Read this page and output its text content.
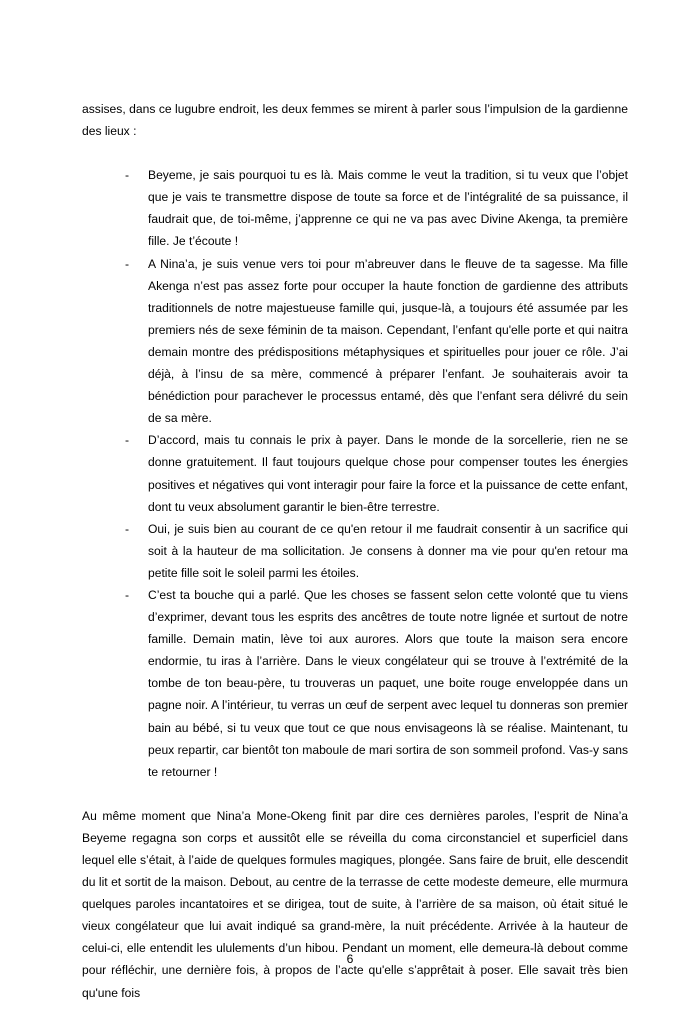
assises, dans ce lugubre endroit, les deux femmes se mirent à parler sous l’impulsion de la gardienne des lieux :

- Beyeme, je sais pourquoi tu es là. Mais comme le veut la tradition, si tu veux que l’objet que je vais te transmettre dispose de toute sa force et de l’intégralité de sa puissance, il faudrait que, de toi-même, j’apprenne ce qui ne va pas avec Divine Akenga, ta première fille. Je t’écoute !
- A Nina’a, je suis venue vers toi pour m’abreuver dans le fleuve de ta sagesse. Ma fille Akenga n’est pas assez forte pour occuper la haute fonction de gardienne des attributs traditionnels de notre majestueuse famille qui, jusque-là, a toujours été assumée par les premiers nés de sexe féminin de ta maison. Cependant, l’enfant qu'elle porte et qui naitra demain montre des prédispositions métaphysiques et spirituelles pour jouer ce rôle. J’ai déjà, à l’insu de sa mère, commencé à préparer l’enfant. Je souhaiterais avoir ta bénédiction pour parachever le processus entamé, dès que l’enfant sera délivré du sein de sa mère.
- D’accord, mais tu connais le prix à payer. Dans le monde de la sorcellerie, rien ne se donne gratuitement. Il faut toujours quelque chose pour compenser toutes les énergies positives et négatives qui vont interagir pour faire la force et la puissance de cette enfant, dont tu veux absolument garantir le bien-être terrestre.
- Oui, je suis bien au courant de ce qu'en retour il me faudrait consentir à un sacrifice qui soit à la hauteur de ma sollicitation. Je consens à donner ma vie pour qu'en retour ma petite fille soit le soleil parmi les étoiles.
- C’est ta bouche qui a parlé. Que les choses se fassent selon cette volonté que tu viens d’exprimer, devant tous les esprits des ancêtres de toute notre lignée et surtout de notre famille. Demain matin, lève toi aux aurores. Alors que toute la maison sera encore endormie, tu iras à l’arrière. Dans le vieux congélateur qui se trouve à l’extrémité de la tombe de ton beau-père, tu trouveras un paquet, une boite rouge enveloppée dans un pagne noir. A l’intérieur, tu verras un œuf de serpent avec lequel tu donneras son premier bain au bébé, si tu veux que tout ce que nous envisageons là se réalise. Maintenant, tu peux repartir, car bientôt ton maboule de mari sortira de son sommeil profond. Vas-y sans te retourner !

Au même moment que Nina’a Mone-Okeng finit par dire ces dernières paroles, l’esprit de Nina’a Beyeme regagna son corps et aussitôt elle se réveilla du coma circonstanciel et superficiel dans lequel elle s’était, à l’aide de quelques formules magiques, plongée. Sans faire de bruit, elle descendit du lit et sortit de la maison. Debout, au centre de la terrasse de cette modeste demeure, elle murmura quelques paroles incantatoires et se dirigea, tout de suite, à l’arrière de sa maison, où était situé le vieux congélateur que lui avait indiqué sa grand-mère, la nuit précédente. Arrivée à la hauteur de celui-ci, elle entendit les ululements d’un hibou. Pendant un moment, elle demeura-là debout comme pour réfléchir, une dernière fois, à propos de l’acte qu'elle s’apprêtait à poser. Elle savait très bien qu'une fois

6
